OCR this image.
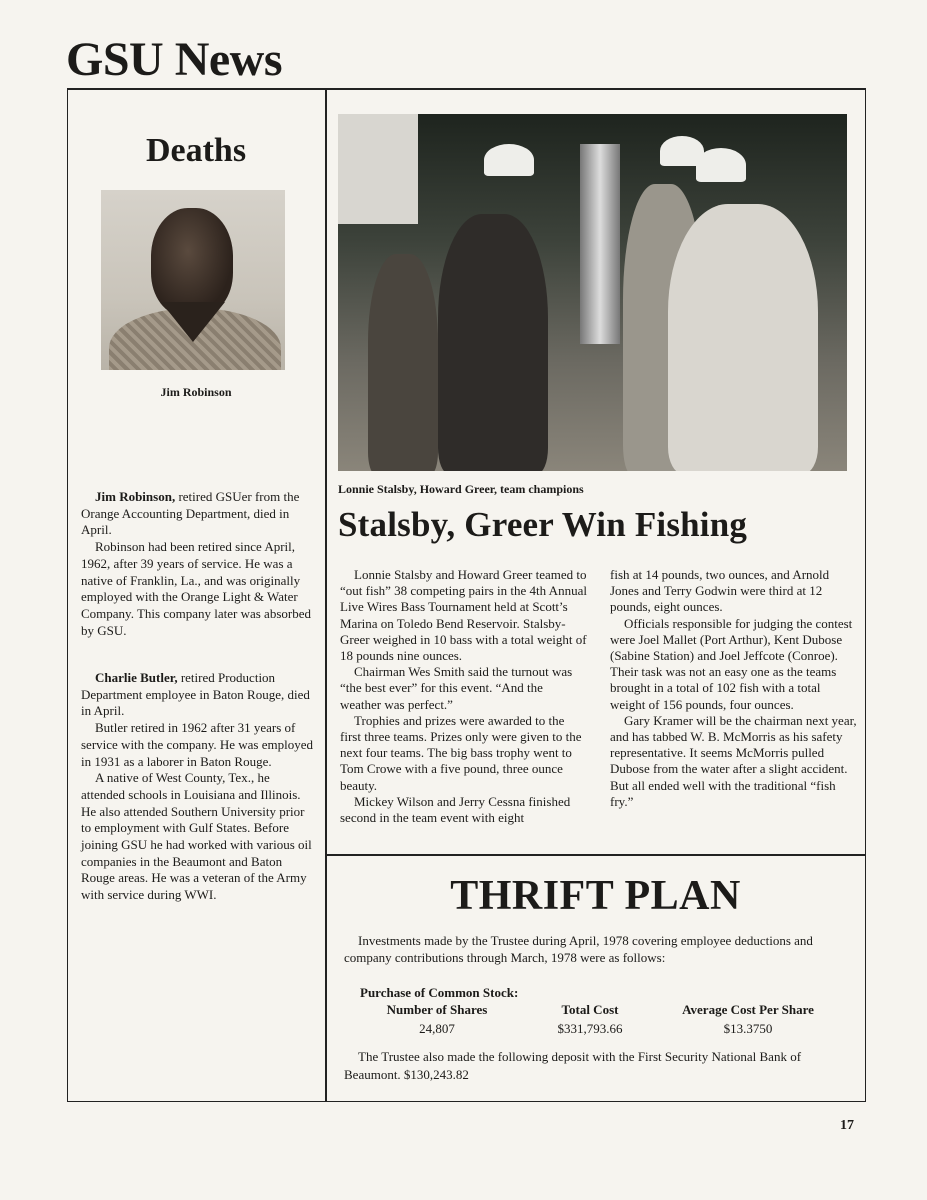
GSU News
Deaths
Jim Robinson

Jim Robinson, retired GSUer from the Orange Accounting Department, died in April.

Robinson had been retired since April, 1962, after 39 years of service. He was a native of Franklin, La., and was originally employed with the Orange Light & Water Company. This company later was absorbed by GSU.

Charlie Butler, retired Production Department employee in Baton Rouge, died in April.

Butler retired in 1962 after 31 years of service with the company. He was employed in 1931 as a laborer in Baton Rouge.

A native of West County, Tex., he attended schools in Louisiana and Illinois. He also attended Southern University prior to employment with Gulf States. Before joining GSU he had worked with various oil companies in the Beaumont and Baton Rouge areas. He was a veteran of the Army with service during WWI.

Lonnie Stalsby, Howard Greer, team champions
Stalsby, Greer Win Fishing

Lonnie Stalsby and Howard Greer teamed to “out fish” 38 competing pairs in the 4th Annual Live Wires Bass Tournament held at Scott’s Marina on Toledo Bend Reservoir. Stalsby-Greer weighed in 10 bass with a total weight of 18 pounds nine ounces.

Chairman Wes Smith said the turnout was “the best ever” for this event. “And the weather was perfect.”

Trophies and prizes were awarded to the first three teams. Prizes only were given to the next four teams. The big bass trophy went to Tom Crowe with a five pound, three ounce beauty.

Mickey Wilson and Jerry Cessna finished second in the team event with eight

fish at 14 pounds, two ounces, and Arnold Jones and Terry Godwin were third at 12 pounds, eight ounces.

Officials responsible for judging the contest were Joel Mallet (Port Arthur), Kent Dubose (Sabine Station) and Joel Jeffcote (Conroe). Their task was not an easy one as the teams brought in a total of 102 fish with a total weight of 156 pounds, four ounces.

Gary Kramer will be the chairman next year, and has tabbed W. B. McMorris as his safety representative. It seems McMorris pulled Dubose from the water after a slight accident. But all ended well with the traditional “fish fry.”

THRIFT PLAN
Investments made by the Trustee during April, 1978 covering employee deductions and company contributions through March, 1978 were as follows:
Purchase of Common Stock:
Number of Shares
24,807
Total Cost
$331,793.66
Average Cost Per Share
$13.3750
The Trustee also made the following deposit with the First Security National Bank of Beaumont. $130,243.82
17
